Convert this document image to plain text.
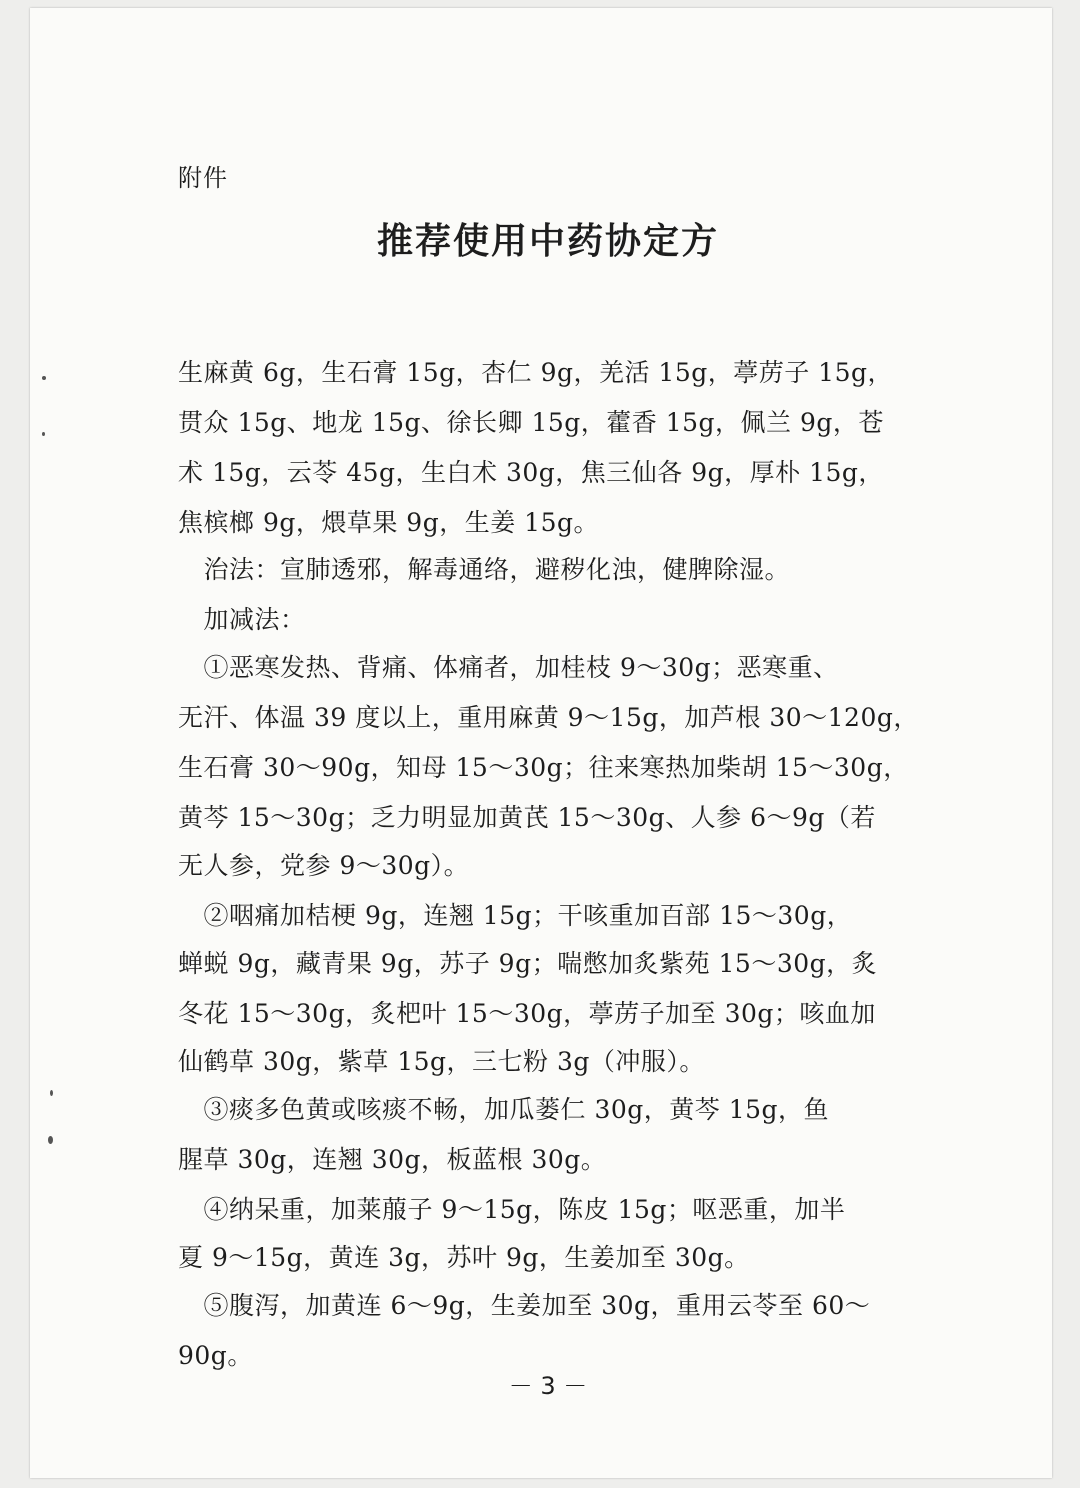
附件
推荐使用中药协定方
生麻黄 6g，生石膏 15g，杏仁 9g，羌活 15g，葶苈子 15g，
贯众 15g、地龙 15g、徐长卿 15g，藿香 15g，佩兰 9g，苍
术 15g，云苓 45g，生白术 30g，焦三仙各 9g，厚朴 15g，
焦槟榔 9g，煨草果 9g，生姜 15g。
　治法：宣肺透邪，解毒通络，避秽化浊，健脾除湿。
　加减法：
　①恶寒发热、背痛、体痛者，加桂枝 9～30g；恶寒重、
无汗、体温 39 度以上，重用麻黄 9～15g，加芦根 30～120g，
生石膏 30～90g，知母 15～30g；往来寒热加柴胡 15～30g，
黄芩 15～30g；乏力明显加黄芪 15～30g、人参 6～9g（若
无人参，党参 9～30g）。
　②咽痛加桔梗 9g，连翘 15g；干咳重加百部 15～30g，
蝉蜕 9g，藏青果 9g，苏子 9g；喘憋加炙紫苑 15～30g，炙
冬花 15～30g，炙杷叶 15～30g，葶苈子加至 30g；咳血加
仙鹤草 30g，紫草 15g，三七粉 3g（冲服）。
　③痰多色黄或咳痰不畅，加瓜蒌仁 30g，黄芩 15g，鱼
腥草 30g，连翘 30g，板蓝根 30g。
　④纳呆重，加莱菔子 9～15g，陈皮 15g；呕恶重，加半
夏 9～15g，黄连 3g，苏叶 9g，生姜加至 30g。
　⑤腹泻，加黄连 6～9g，生姜加至 30g，重用云苓至 60～
90g。
－ 3 －
